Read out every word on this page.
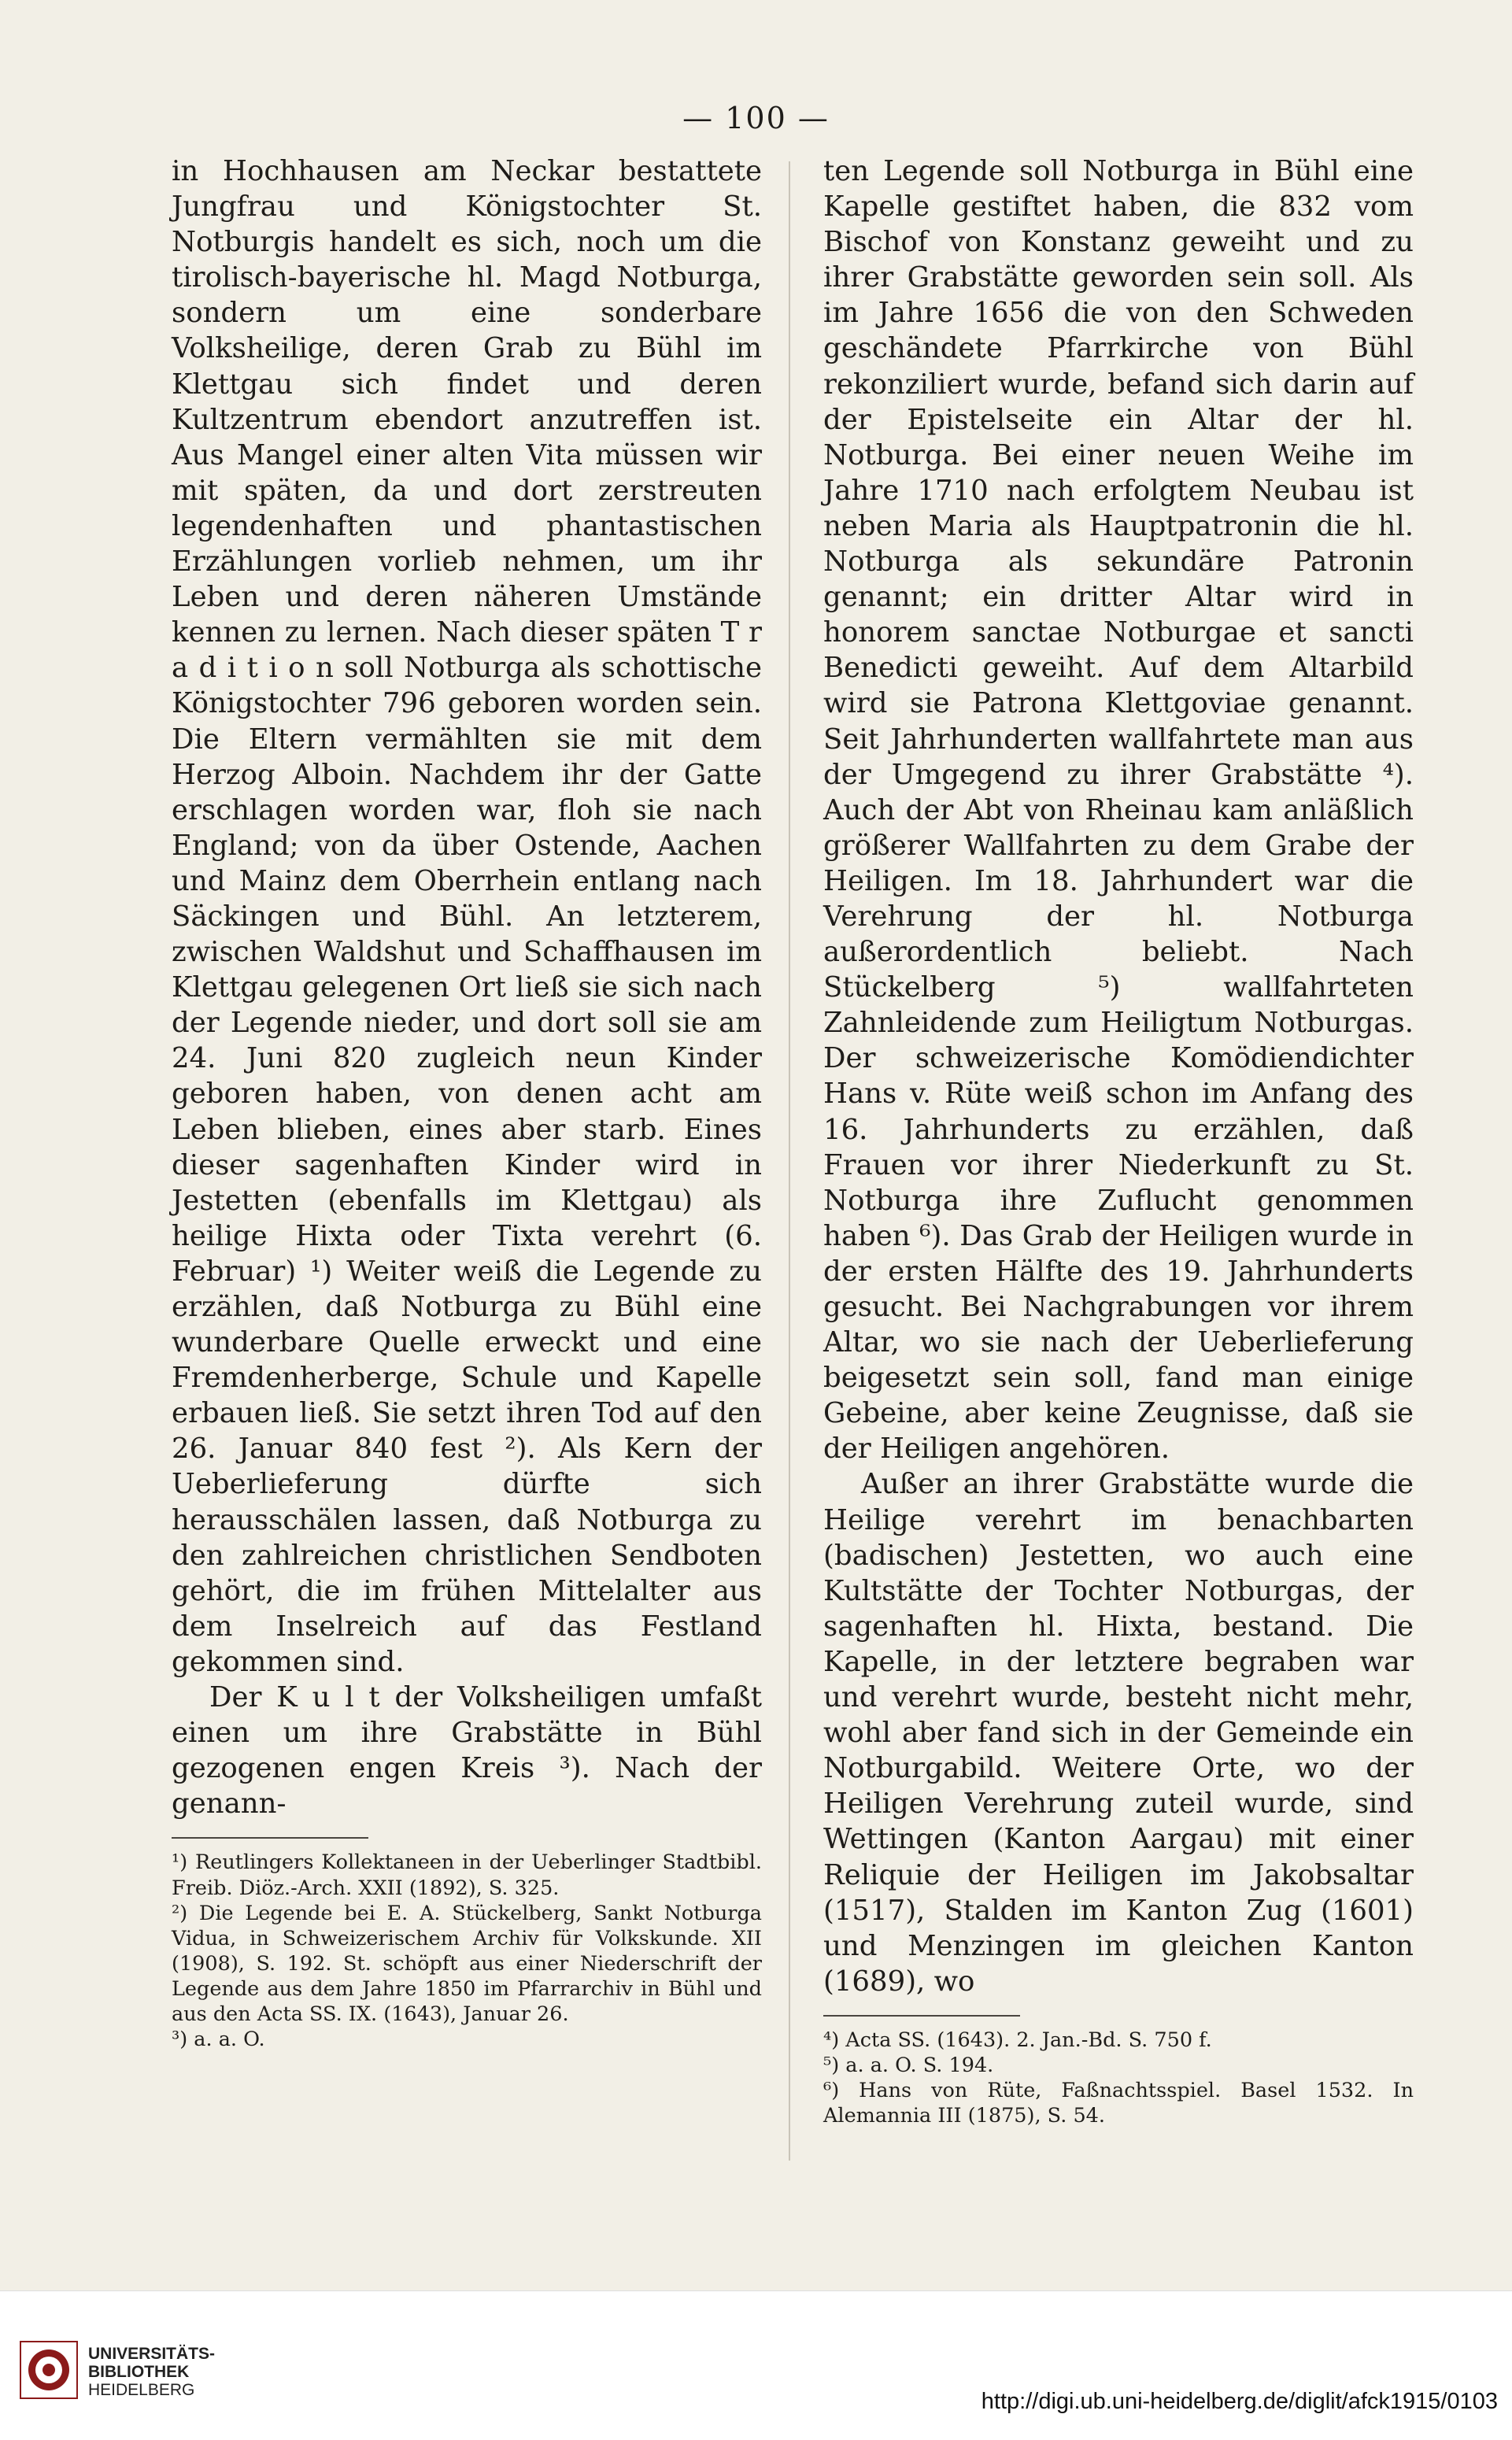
— 100 —

in Hochhausen am Neckar bestattete Jungfrau und Königstochter St. Notburgis handelt es sich, noch um die tirolisch-bayerische hl. Magd Notburga, sondern um eine sonderbare Volksheilige, deren Grab zu Bühl im Klettgau sich findet und deren Kultzentrum ebendort anzutreffen ist. Aus Mangel einer alten Vita müssen wir mit späten, da und dort zerstreuten legendenhaften und phantastischen Erzählungen vorlieb nehmen, um ihr Leben und deren näheren Umstände kennen zu lernen. Nach dieser späten T r a d i t i o n soll Notburga als schottische Königstochter 796 geboren worden sein. Die Eltern vermählten sie mit dem Herzog Alboin. Nachdem ihr der Gatte erschlagen worden war, floh sie nach England; von da über Ostende, Aachen und Mainz dem Oberrhein entlang nach Säckingen und Bühl. An letzterem, zwischen Waldshut und Schaffhausen im Klettgau gelegenen Ort ließ sie sich nach der Legende nieder, und dort soll sie am 24. Juni 820 zugleich neun Kinder geboren haben, von denen acht am Leben blieben, eines aber starb. Eines dieser sagenhaften Kinder wird in Jestetten (ebenfalls im Klettgau) als heilige Hixta oder Tixta verehrt (6. Februar) ¹) Weiter weiß die Legende zu erzählen, daß Notburga zu Bühl eine wunderbare Quelle erweckt und eine Fremdenherberge, Schule und Kapelle erbauen ließ. Sie setzt ihren Tod auf den 26. Januar 840 fest ²). Als Kern der Ueberlieferung dürfte sich herausschälen lassen, daß Notburga zu den zahlreichen christlichen Sendboten gehört, die im frühen Mittelalter aus dem Inselreich auf das Festland gekommen sind.

Der K u l t der Volksheiligen umfaßt einen um ihre Grabstätte in Bühl gezogenen engen Kreis ³). Nach der genann-

¹) Reutlingers Kollektaneen in der Ueberlinger Stadtbibl. Freib. Diöz.-Arch. XXII (1892), S. 325.

²) Die Legende bei E. A. Stückelberg, Sankt Notburga Vidua, in Schweizerischem Archiv für Volkskunde. XII (1908), S. 192. St. schöpft aus einer Niederschrift der Legende aus dem Jahre 1850 im Pfarrarchiv in Bühl und aus den Acta SS. IX. (1643), Januar 26.

³) a. a. O.

ten Legende soll Notburga in Bühl eine Kapelle gestiftet haben, die 832 vom Bischof von Konstanz geweiht und zu ihrer Grabstätte geworden sein soll. Als im Jahre 1656 die von den Schweden geschändete Pfarrkirche von Bühl rekonziliert wurde, befand sich darin auf der Epistelseite ein Altar der hl. Notburga. Bei einer neuen Weihe im Jahre 1710 nach erfolgtem Neubau ist neben Maria als Hauptpatronin die hl. Notburga als sekundäre Patronin genannt; ein dritter Altar wird in honorem sanctae Notburgae et sancti Benedicti geweiht. Auf dem Altarbild wird sie Patrona Klettgoviae genannt. Seit Jahrhunderten wallfahrtete man aus der Umgegend zu ihrer Grabstätte ⁴). Auch der Abt von Rheinau kam anläßlich größerer Wallfahrten zu dem Grabe der Heiligen. Im 18. Jahrhundert war die Verehrung der hl. Notburga außerordentlich beliebt. Nach Stückelberg ⁵) wallfahrteten Zahnleidende zum Heiligtum Notburgas. Der schweizerische Komödiendichter Hans v. Rüte weiß schon im Anfang des 16. Jahrhunderts zu erzählen, daß Frauen vor ihrer Niederkunft zu St. Notburga ihre Zuflucht genommen haben ⁶). Das Grab der Heiligen wurde in der ersten Hälfte des 19. Jahrhunderts gesucht. Bei Nachgrabungen vor ihrem Altar, wo sie nach der Ueberlieferung beigesetzt sein soll, fand man einige Gebeine, aber keine Zeugnisse, daß sie der Heiligen angehören.

Außer an ihrer Grabstätte wurde die Heilige verehrt im benachbarten (badischen) Jestetten, wo auch eine Kultstätte der Tochter Notburgas, der sagenhaften hl. Hixta, bestand. Die Kapelle, in der letztere begraben war und verehrt wurde, besteht nicht mehr, wohl aber fand sich in der Gemeinde ein Notburgabild. Weitere Orte, wo der Heiligen Verehrung zuteil wurde, sind Wettingen (Kanton Aargau) mit einer Reliquie der Heiligen im Jakobsaltar (1517), Stalden im Kanton Zug (1601) und Menzingen im gleichen Kanton (1689), wo

⁴) Acta SS. (1643). 2. Jan.-Bd. S. 750 f.

⁵) a. a. O. S. 194.

⁶) Hans von Rüte, Faßnachtsspiel. Basel 1532. In Alemannia III (1875), S. 54.

UNIVERSITÄTS-
BIBLIOTHEK
HEIDELBERG	http://digi.ub.uni-heidelberg.de/diglit/afck1915/0103
